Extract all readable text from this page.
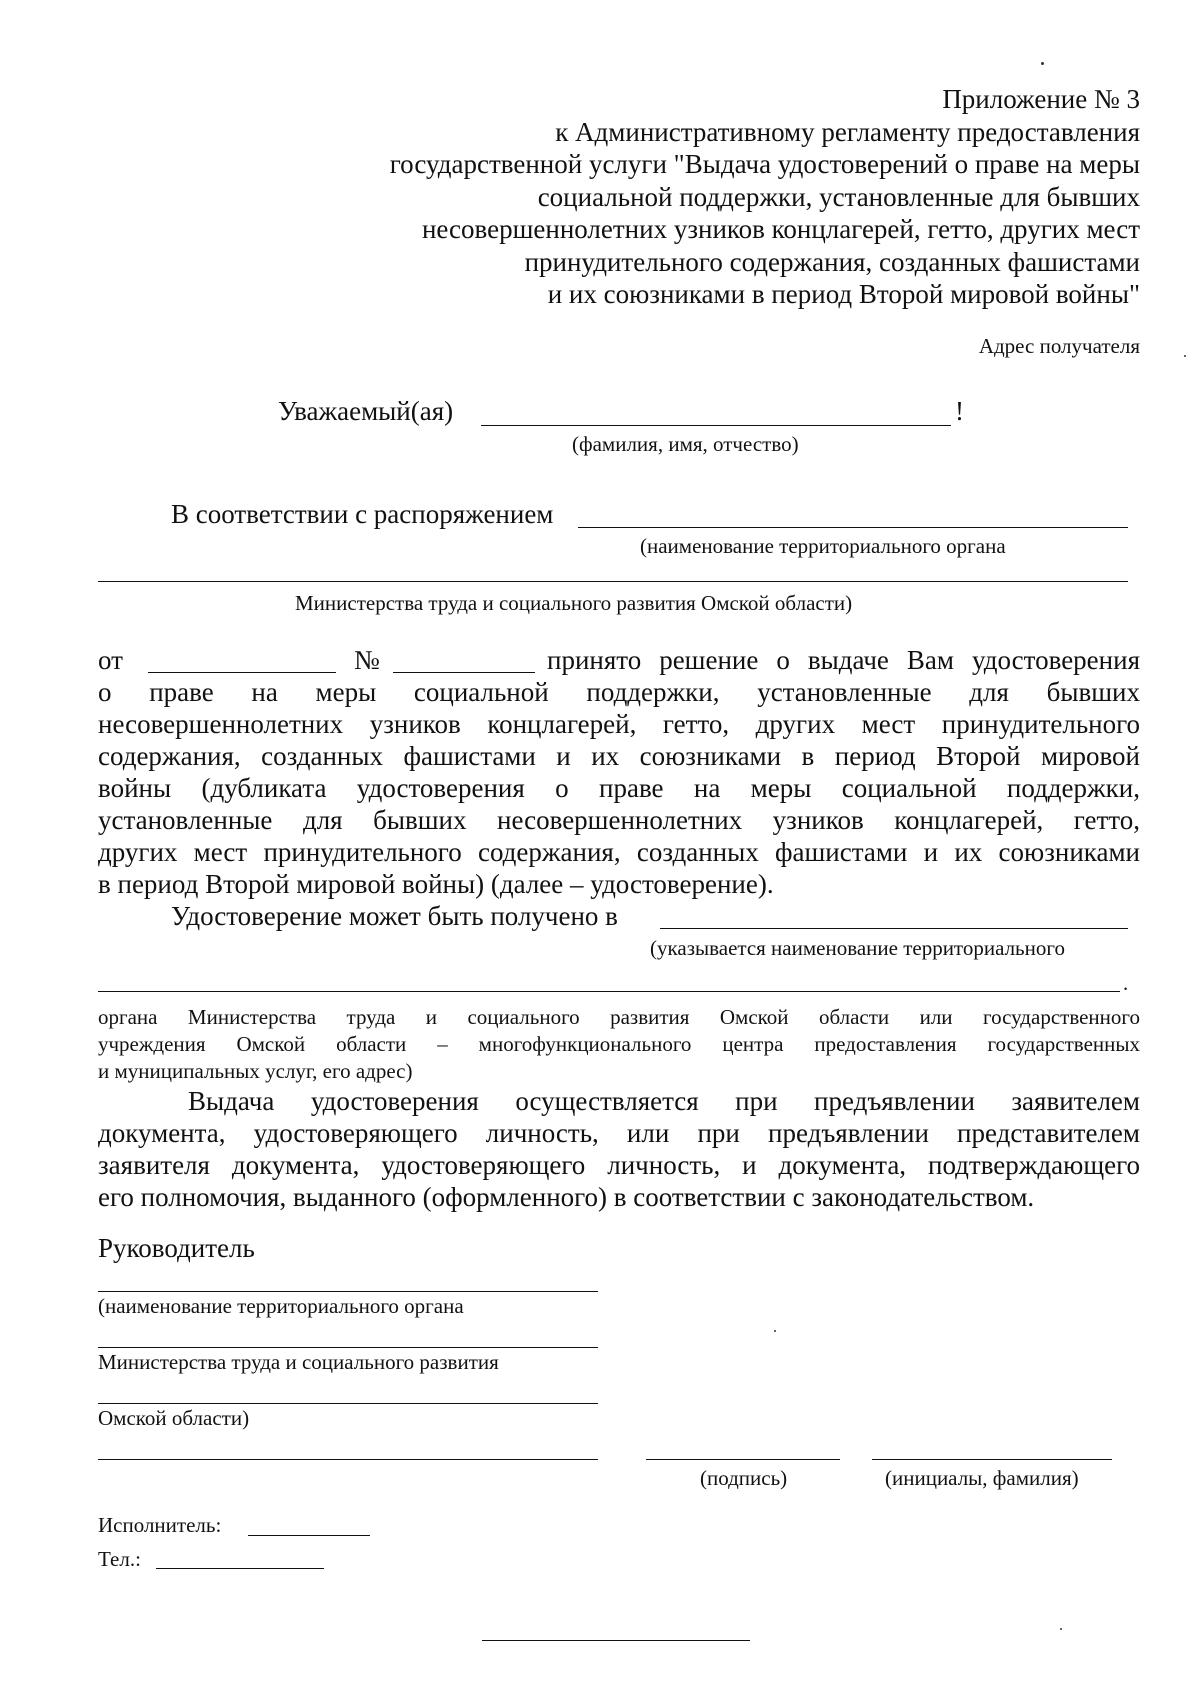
Приложение № 3
к Административному регламенту предоставления
государственной услуги "Выдача удостоверений о праве на меры
социальной поддержки, установленные для бывших
несовершеннолетних узников концлагерей, гетто, других мест
принудительного содержания, созданных фашистами
и их союзниками в период Второй мировой войны"
Адрес получателя
Уважаемый(ая)	!
(фамилия, имя, отчество)
В соответствии с распоряжением
(наименование территориального органа
Министерства труда и социального развития Омской области)
от	№	принято решение о выдаче Вам удостоверения
о праве на меры социальной поддержки, установленные для бывших
несовершеннолетних узников концлагерей, гетто, других мест принудительного
содержания, созданных фашистами и их союзниками в период Второй мировой
войны (дубликата удостоверения о праве на меры социальной поддержки,
установленные для бывших несовершеннолетних узников концлагерей, гетто,
других мест принудительного содержания, созданных фашистами и их союзниками
в период Второй мировой войны) (далее – удостоверение).
Удостоверение может быть получено в
(указывается наименование территориального
.
органа Министерства труда и социального развития Омской области или государственного
учреждения Омской области – многофункционального центра предоставления государственных
и муниципальных услуг, его адрес)
Выдача удостоверения осуществляется при предъявлении заявителем
документа, удостоверяющего личность, или при предъявлении представителем
заявителя документа, удостоверяющего личность, и документа, подтверждающего
его полномочия, выданного (оформленного) в соответствии с законодательством.
Руководитель
(наименование территориального органа
Министерства труда и социального развития
Омской области)
(подпись)	(инициалы, фамилия)
Исполнитель:
Тел.:
